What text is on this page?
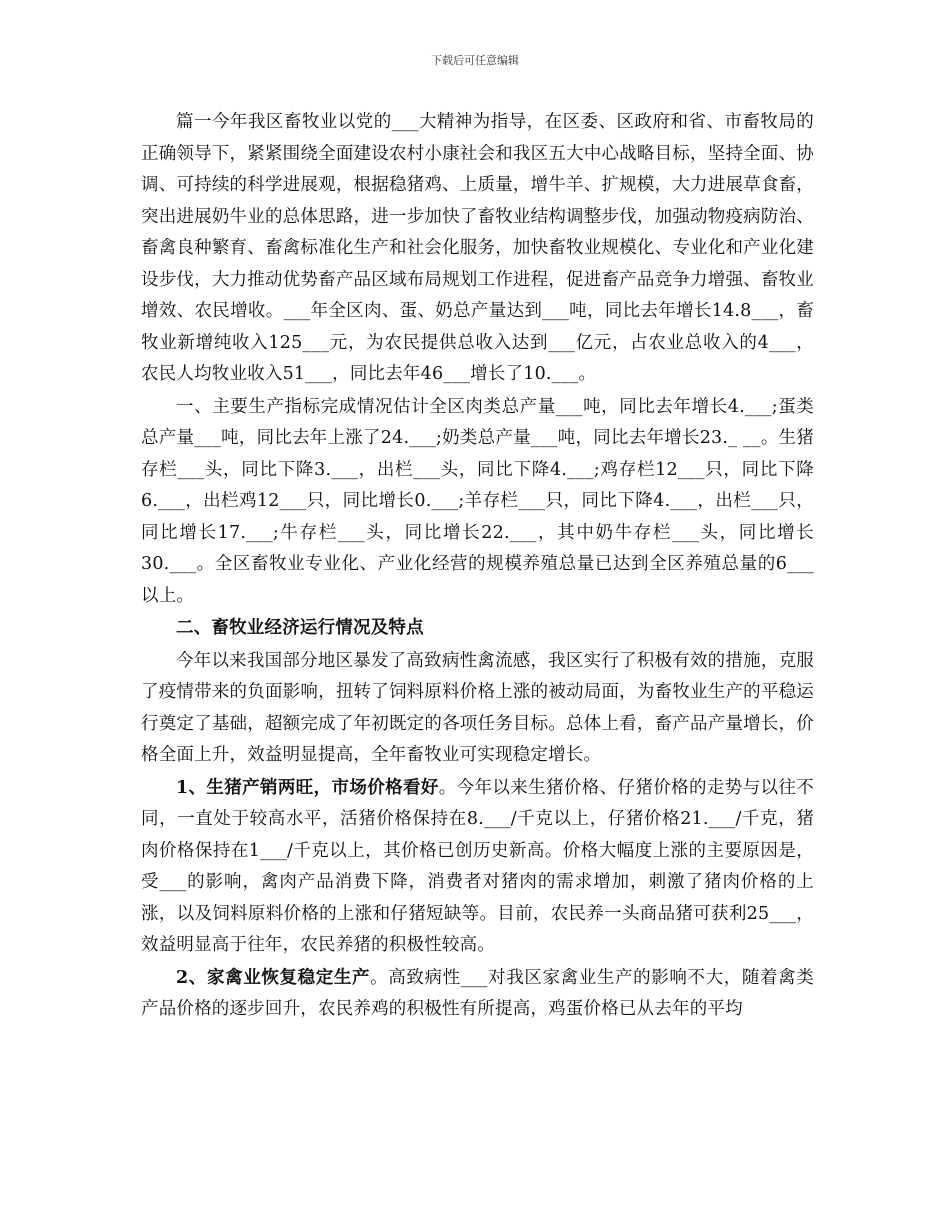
下载后可任意编辑

篇一今年我区畜牧业以党的___大精神为指导，在区委、区政府和省、市畜牧局的正确领导下，紧紧围绕全面建设农村小康社会和我区五大中心战略目标，坚持全面、协调、可持续的科学进展观，根据稳猪鸡、上质量，增牛羊、扩规模，大力进展草食畜，突出进展奶牛业的总体思路，进一步加快了畜牧业结构调整步伐，加强动物疫病防治、畜禽良种繁育、畜禽标准化生产和社会化服务，加快畜牧业规模化、专业化和产业化建设步伐，大力推动优势畜产品区域布局规划工作进程，促进畜产品竞争力增强、畜牧业增效、农民增收。___年全区肉、蛋、奶总产量达到___吨，同比去年增长14.8___，畜牧业新增纯收入125___元，为农民提供总收入达到___亿元，占农业总收入的4___，农民人均牧业收入51___，同比去年46___增长了10.___。

一、主要生产指标完成情况估计全区肉类总产量___吨，同比去年增长4.___;蛋类总产量___吨，同比去年上涨了24.___;奶类总产量___吨，同比去年增长23._ __。生猪存栏___头，同比下降3.___，出栏___头，同比下降4.___;鸡存栏12___只，同比下降6.___，出栏鸡12___只，同比增长0.___;羊存栏___只，同比下降4.___，出栏___只，同比增长17.___;牛存栏___头，同比增长22.___，其中奶牛存栏___头，同比增长30.___。全区畜牧业专业化、产业化经营的规模养殖总量已达到全区养殖总量的6___以上。

二、畜牧业经济运行情况及特点

今年以来我国部分地区暴发了高致病性禽流感，我区实行了积极有效的措施，克服了疫情带来的负面影响，扭转了饲料原料价格上涨的被动局面，为畜牧业生产的平稳运行奠定了基础，超额完成了年初既定的各项任务目标。总体上看，畜产品产量增长，价格全面上升，效益明显提高，全年畜牧业可实现稳定增长。

1、生猪产销两旺，市场价格看好。今年以来生猪价格、仔猪价格的走势与以往不同，一直处于较高水平，活猪价格保持在8.___/千克以上，仔猪价格21.___/千克，猪肉价格保持在1___/千克以上，其价格已创历史新高。价格大幅度上涨的主要原因是，受___的影响，禽肉产品消费下降，消费者对猪肉的需求增加，刺激了猪肉价格的上涨，以及饲料原料价格的上涨和仔猪短缺等。目前，农民养一头商品猪可获利25___，效益明显高于往年，农民养猪的积极性较高。

2、家禽业恢复稳定生产。高致病性___对我区家禽业生产的影响不大，随着禽类产品价格的逐步回升，农民养鸡的积极性有所提高，鸡蛋价格已从去年的平均
